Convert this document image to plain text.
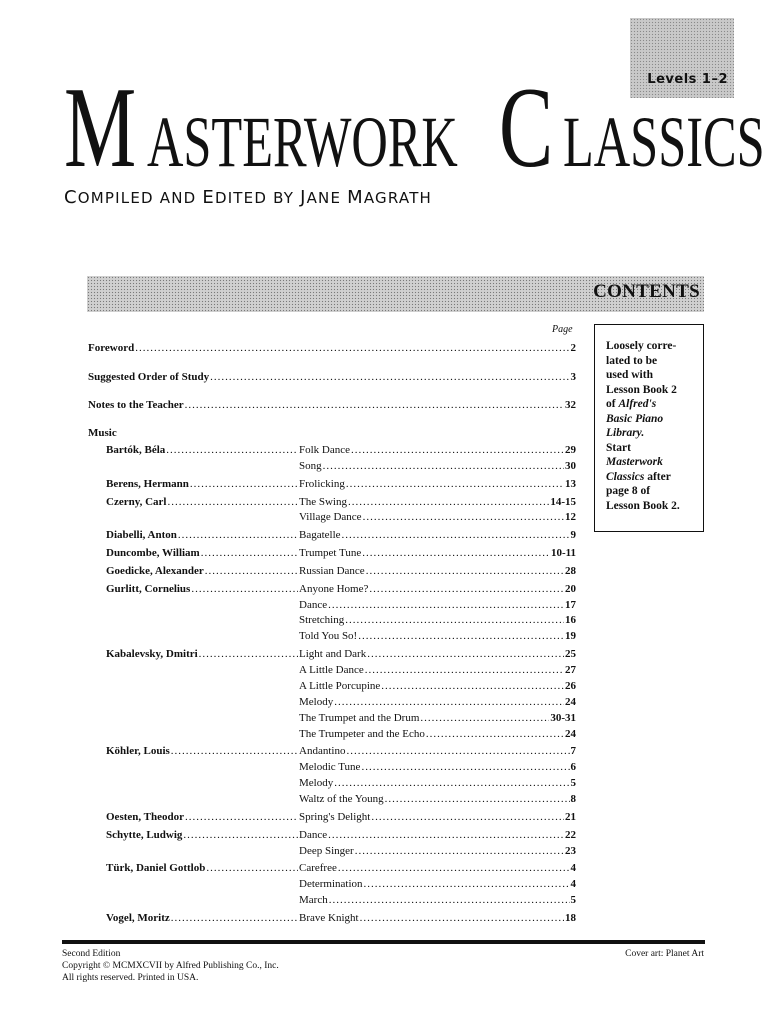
Levels 1–2
M ASTERWORK C LASSICS
COMPILED AND EDITED BY JANE MAGRATH
CONTENTS
Page
Foreword .....	2
Suggested Order of Study .....	3
Notes to the Teacher .....	32
Music
Bartók, Béla .....	Folk Dance .....	29
Song .....	30
Berens, Hermann .....	Frolicking .....	13
Czerny, Carl .....	The Swing .....	14-15
Village Dance .....	12
Diabelli, Anton .....	Bagatelle .....	9
Duncombe, William .....	Trumpet Tune .....	10-11
Goedicke, Alexander .....	Russian Dance .....	28
Gurlitt, Cornelius .....	Anyone Home? .....	20
Dance .....	17
Stretching .....	16
Told You So! .....	19
Kabalevsky, Dmitri .....	Light and Dark .....	25
A Little Dance .....	27
A Little Porcupine .....	26
Melody .....	24
The Trumpet and the Drum .....	30-31
The Trumpeter and the Echo .....	24
Köhler, Louis .....	Andantino .....	7
Melodic Tune .....	6
Melody .....	5
Waltz of the Young .....	8
Oesten, Theodor .....	Spring's Delight .....	21
Schytte, Ludwig .....	Dance .....	22
Deep Singer .....	23
Türk, Daniel Gottlob .....	Carefree .....	4
Determination .....	4
March .....	5
Vogel, Moritz .....	Brave Knight .....	18

Loosely corre-

lated to be

used with

Lesson Book 2

of Alfred's

Basic Piano

Library.

Start

Masterwork

Classics after

page 8 of

Lesson Book 2.

Second Edition
Copyright © MCMXCVII by Alfred Publishing Co., Inc.
All rights reserved. Printed in USA.
Cover art: Planet Art
